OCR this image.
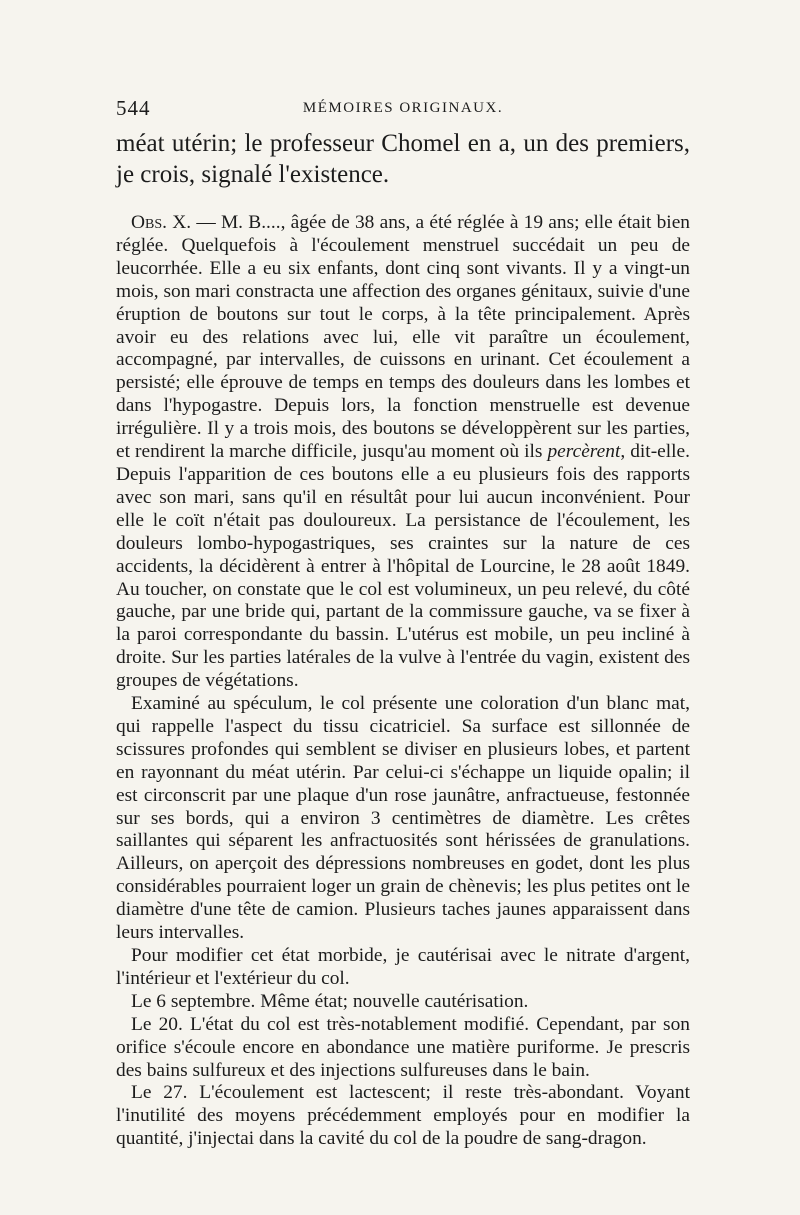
544	MÉMOIRES ORIGINAUX.

méat utérin; le professeur Chomel en a, un des premiers, je crois, signalé l'existence.

Obs. X. — M. B...., âgée de 38 ans, a été réglée à 19 ans; elle était bien réglée. Quelquefois à l'écoulement menstruel succédait un peu de leucorrhée. Elle a eu six enfants, dont cinq sont vivants. Il y a vingt-un mois, son mari constracta une affection des organes génitaux, suivie d'une éruption de boutons sur tout le corps, à la tête principalement. Après avoir eu des relations avec lui, elle vit paraître un écoulement, accompagné, par intervalles, de cuissons en urinant. Cet écoulement a persisté; elle éprouve de temps en temps des douleurs dans les lombes et dans l'hypogastre. Depuis lors, la fonction menstruelle est devenue irrégulière. Il y a trois mois, des boutons se développèrent sur les parties, et rendirent la marche difficile, jusqu'au moment où ils percèrent, dit-elle. Depuis l'apparition de ces boutons elle a eu plusieurs fois des rapports avec son mari, sans qu'il en résultât pour lui aucun inconvénient. Pour elle le coït n'était pas douloureux. La persistance de l'écoulement, les douleurs lombo-hypogastriques, ses craintes sur la nature de ces accidents, la décidèrent à entrer à l'hôpital de Lourcine, le 28 août 1849. Au toucher, on constate que le col est volumineux, un peu relevé, du côté gauche, par une bride qui, partant de la commissure gauche, va se fixer à la paroi correspondante du bassin. L'utérus est mobile, un peu incliné à droite. Sur les parties latérales de la vulve à l'entrée du vagin, existent des groupes de végétations.

Examiné au spéculum, le col présente une coloration d'un blanc mat, qui rappelle l'aspect du tissu cicatriciel. Sa surface est sillonnée de scissures profondes qui semblent se diviser en plusieurs lobes, et partent en rayonnant du méat utérin. Par celui-ci s'échappe un liquide opalin; il est circonscrit par une plaque d'un rose jaunâtre, anfractueuse, festonnée sur ses bords, qui a environ 3 centimètres de diamètre. Les crêtes saillantes qui séparent les anfractuosités sont hérissées de granulations. Ailleurs, on aperçoit des dépressions nombreuses en godet, dont les plus considérables pourraient loger un grain de chènevis; les plus petites ont le diamètre d'une tête de camion. Plusieurs taches jaunes apparaissent dans leurs intervalles.

Pour modifier cet état morbide, je cautérisai avec le nitrate d'argent, l'intérieur et l'extérieur du col.

Le 6 septembre. Même état; nouvelle cautérisation.

Le 20. L'état du col est très-notablement modifié. Cependant, par son orifice s'écoule encore en abondance une matière puriforme. Je prescris des bains sulfureux et des injections sulfureuses dans le bain.

Le 27. L'écoulement est lactescent; il reste très-abondant. Voyant l'inutilité des moyens précédemment employés pour en modifier la quantité, j'injectai dans la cavité du col de la poudre de sang-dragon.
